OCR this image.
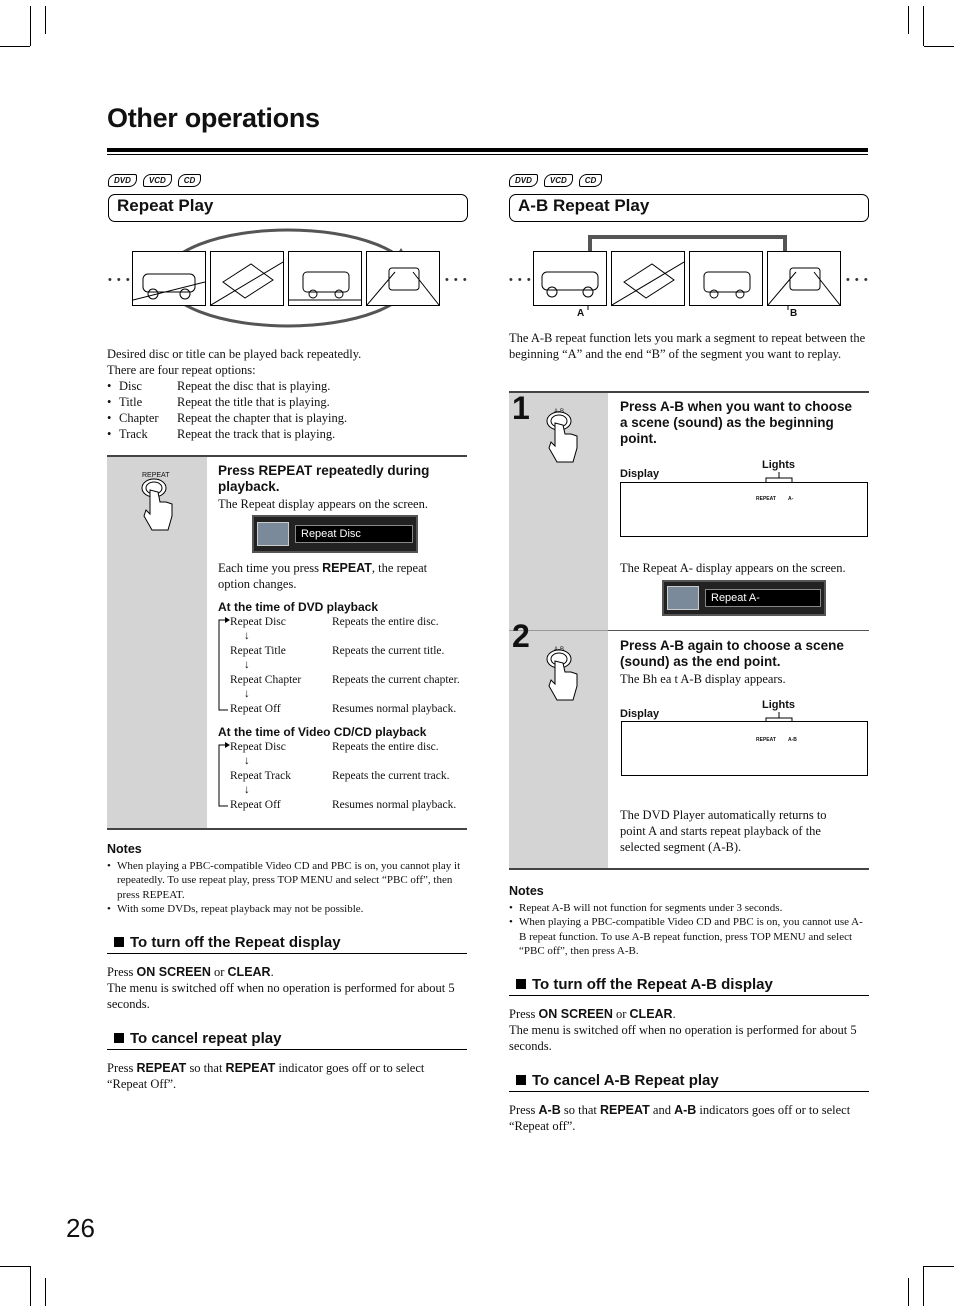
Other operations
DVD	VCD	CD
Repeat Play
• • •	• • •
Desired disc or title can be played back repeatedly.
There are four repeat options:
• Disc	Repeat the disc that is playing.
• Title	Repeat the title that is playing.
• Chapter Repeat the chapter that is playing.
• Track Repeat the track that is playing.
REPEAT	Press REPEAT repeatedly during playback.
The Repeat display appears on the screen.
Repeat Disc
Each time you press REPEAT, the repeat
option changes.
At the time of DVD playback
Repeat Disc	Repeats the entire disc.
↓
Repeat Title	Repeats the current title.
↓
Repeat Chapter	Repeats the current chapter.
↓
Repeat Off	Resumes normal playback.
At the time of Video CD/CD playback
Repeat Disc	Repeats the entire disc.
↓
Repeat Track	Repeats the current track.
↓
Repeat Off	Resumes normal playback.
Notes
• When playing a PBC-compatible Video CD and PBC is on, you cannot play it repeatedly. To use repeat play, press TOP MENU and select “PBC off”, then press REPEAT.
• With some DVDs, repeat playback may not be possible.
To turn off the Repeat display
Press ON SCREEN or CLEAR.
The menu is switched off when no operation is performed for about 5 seconds.
To cancel repeat play
Press REPEAT so that REPEAT indicator goes off or to select “Repeat Off”.
DVD	VCD	CD
A-B Repeat Play
• • •	• • •
A	B
The A-B repeat function lets you mark a segment to repeat between the beginning “A” and the end “B” of the segment you want to replay.
1	Press A-B when you want to choose a scene (sound) as the beginning point.
Display
Lights
REPEAT A-
The Repeat A- display appears on the screen.
Repeat A-
2	Press A-B again to choose a scene (sound) as the end point.
The Bh ea t A-B display appears.
Display
Lights
REPEAT A-B
The DVD Player automatically returns to point A and starts repeat playback of the selected segment (A-B).
Notes
• Repeat A-B will not function for segments under 3 seconds.
• When playing a PBC-compatible Video CD and PBC is on, you cannot use A-B repeat function. To use A-B repeat function, press TOP MENU and select “PBC off”, then press A-B.
To turn off the Repeat A-B display
Press ON SCREEN or CLEAR.
The menu is switched off when no operation is performed for about 5 seconds.
To cancel A-B Repeat play
Press A-B so that REPEAT and A-B indicators goes off or to select “Repeat off”.
26
